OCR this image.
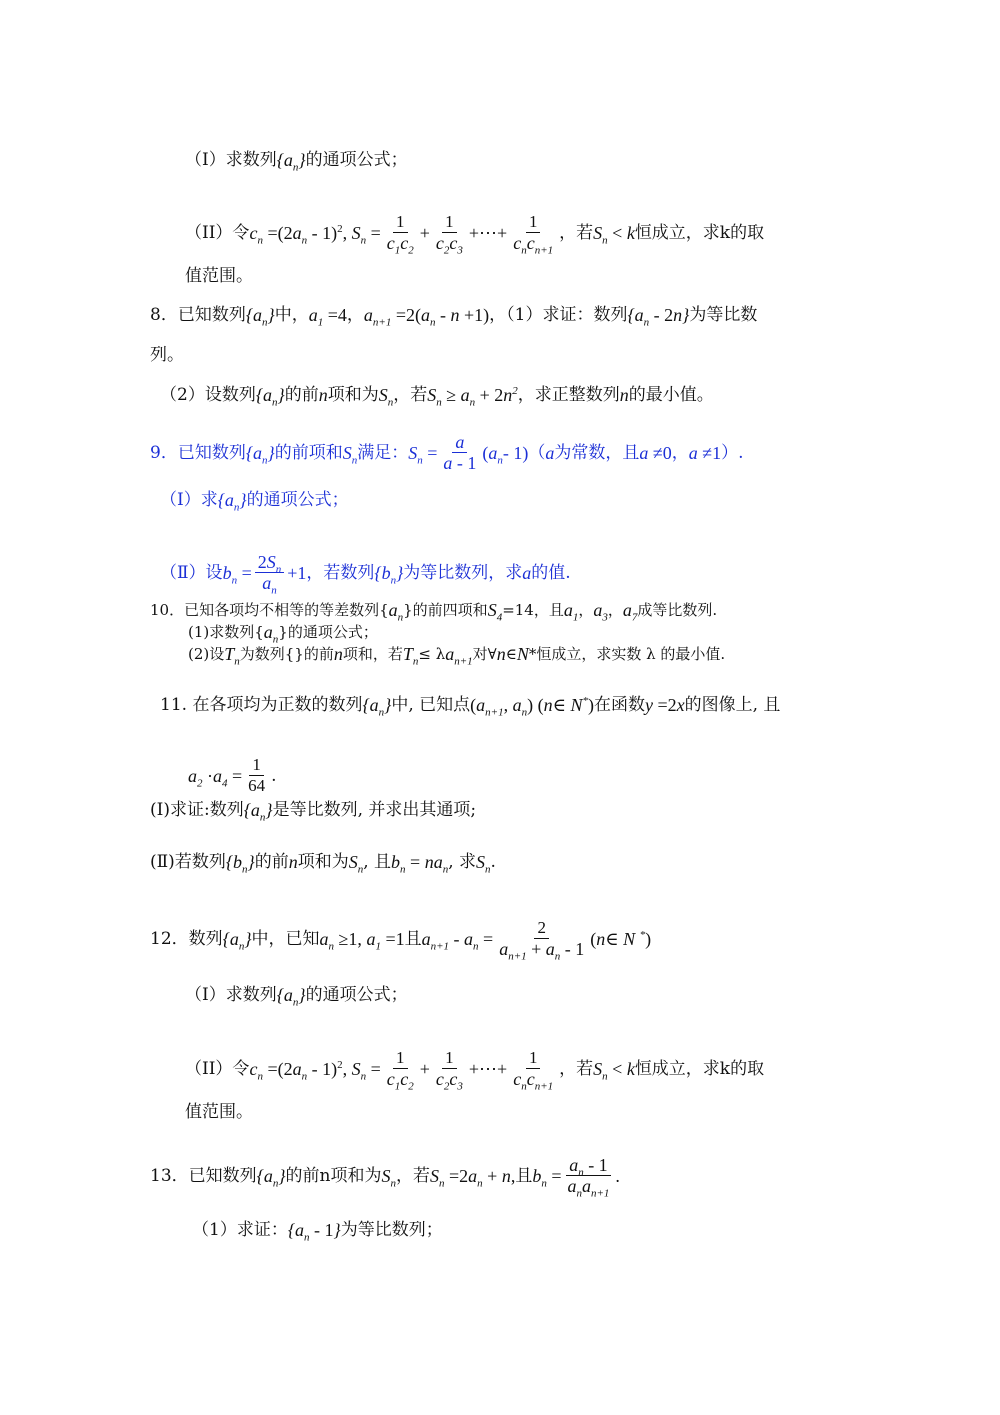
（I）求数列 $\{a_n\}$ 的通项公式；
（II）令 $c_n =(2a_n - 1)^2$, $S_n = \frac{1}{c_1c_2} + \frac{1}{c_2c_3}$ +⋯+ $\frac{1}{c_nc_{n+1}}$ ，若 $S_n < k$ 恒成立，求k的取
值范围。
8．已知数列 $\{a_n\}$ 中， $a_1 =4$ ， $a_{n+1} =2(a_n - n +1)$ ，（1）求证：数列 $\{a_n - 2n\}$ 为等比数
列。
（2）设数列 $\{a_n\}$ 的前 n 项和为 $S_n$ ，若 $S_n \ge a_n + 2n^2$ ，求正整数列 n 的最小值。
9．已知数列 $\{a_n\}$ 的前项和 $S_n$ 满足： $S_n = \frac{a}{a - 1}$ ( $a_n - 1$) （ a 为常数，且 a ≠0 ， a ≠1 ）.
（Ⅰ）求 $\{a_n\}$ 的通项公式；
（Ⅱ）设 $b_n = \frac{2S_n}{a_n} +1$ ，若数列 $\{b_n\}$ 为等比数列，求 a 的值.
10．已知各项均不相等的等差数列{ $a_n$ }的前四项和 $S_4 =14$，且 $a_1$ ， $a_3$ ， $a_7$ 成等比数列.
(1)求数列{ $a_n$ }的通项公式；
(2)设 $T_n$ 为数列{}的前 n 项和，若 $T_n \le \lambda$ $a_{n+1}$ 对∀ n ∈ N *恒成立，求实数 λ 的最小值.
11. 在各项均为正数的数列 $\{a_n\}$ 中, 已知点 ($a_{n+1}$, $a_n$) (n∈ N*) 在函数 y =2x 的图像上, 且
$a_2 \cdot a_4 = \frac{1}{64}$ .
(Ⅰ)求证:数列 $\{a_n\}$ 是等比数列, 并求出其通项;
(Ⅱ)若数列 $\{b_n\}$ 的前 n 项和为 $S_n$ , 且 $b_n = na_n$ , 求 $S_n$ .
12．数列 $\{a_n\}$ 中，已知 $a_n \ge 1$, $a_1 =1$ 且 $a_{n+1} - a_n = \frac{2}{a_{n+1} + a_n - 1}$ (n∈ N *)
（I）求数列 $\{a_n\}$ 的通项公式；
（II）令 $c_n =(2a_n - 1)^2$, $S_n = \frac{1}{c_1c_2} + \frac{1}{c_2c_3}$ +⋯+ $\frac{1}{c_nc_{n+1}}$ ，若 $S_n < k$ 恒成立，求k的取
值范围。
13．已知数列 $\{a_n\}$ 的前n项和为 $S_n$ ，若 $S_n =2a_n + n$, 且 $b_n = \frac{a_n - 1}{a_na_{n+1}}$ .
（1）求证： $\{a_n - 1\}$ 为等比数列；
